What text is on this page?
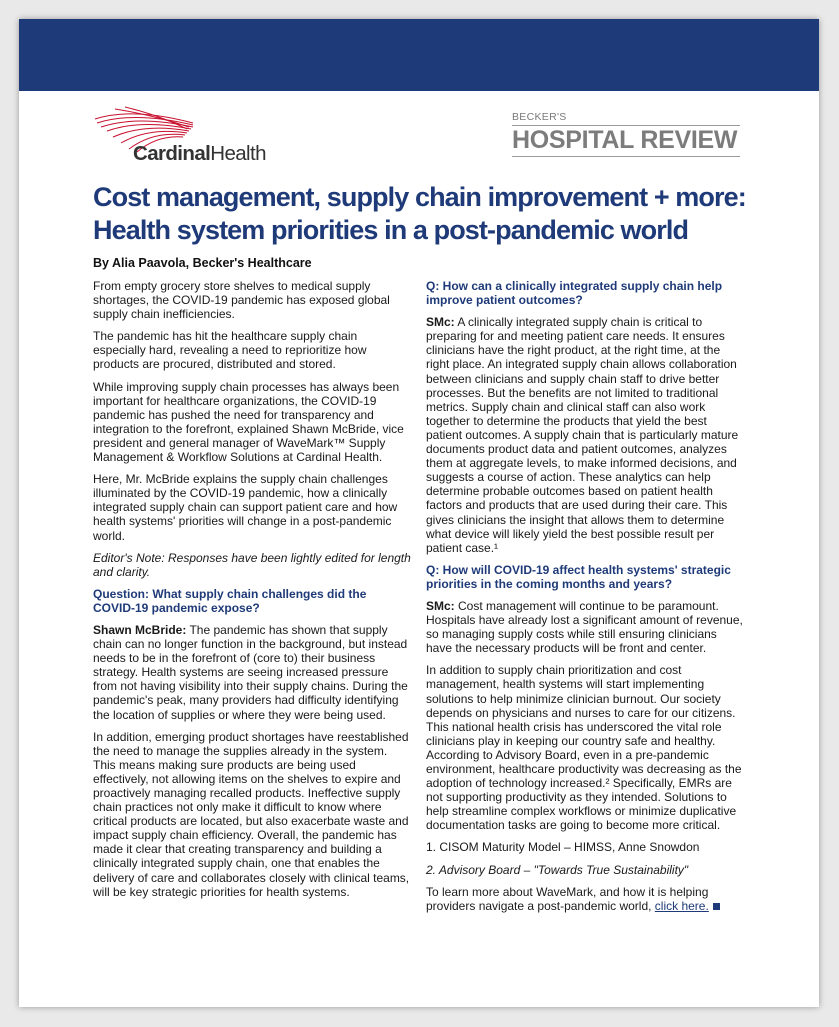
CardinalHealth
BECKER'S
HOSPITAL REVIEW
Cost management, supply chain improvement + more: Health system priorities in a post-pandemic world
By Alia Paavola, Becker's Healthcare

From empty grocery store shelves to medical supply shortages, the COVID-19 pandemic has exposed global supply chain inefficiencies.

The pandemic has hit the healthcare supply chain especially hard, revealing a need to reprioritize how products are procured, distributed and stored.

While improving supply chain processes has always been important for healthcare organizations, the COVID-19 pandemic has pushed the need for transparency and integration to the forefront, explained Shawn McBride, vice president and general manager of WaveMark™ Supply Management & Workflow Solutions at Cardinal Health.

Here, Mr. McBride explains the supply chain challenges illuminated by the COVID-19 pandemic, how a clinically integrated supply chain can support patient care and how health systems' priorities will change in a post-pandemic world.

Editor's Note: Responses have been lightly edited for length and clarity.

Question: What supply chain challenges did the COVID-19 pandemic expose?

Shawn McBride: The pandemic has shown that supply chain can no longer function in the background, but instead needs to be in the forefront of (core to) their business strategy. Health systems are seeing increased pressure from not having visibility into their supply chains. During the pandemic's peak, many providers had difficulty identifying the location of supplies or where they were being used.

In addition, emerging product shortages have reestablished the need to manage the supplies already in the system. This means making sure products are being used effectively, not allowing items on the shelves to expire and proactively managing recalled products. Ineffective supply chain practices not only make it difficult to know where critical products are located, but also exacerbate waste and impact supply chain efficiency. Overall, the pandemic has made it clear that creating transparency and building a clinically integrated supply chain, one that enables the delivery of care and collaborates closely with clinical teams, will be key strategic priorities for health systems.

Q: How can a clinically integrated supply chain help improve patient outcomes?

SMc: A clinically integrated supply chain is critical to preparing for and meeting patient care needs. It ensures clinicians have the right product, at the right time, at the right place. An integrated supply chain allows collaboration between clinicians and supply chain staff to drive better processes. But the benefits are not limited to traditional metrics. Supply chain and clinical staff can also work together to determine the products that yield the best patient outcomes. A supply chain that is particularly mature documents product data and patient outcomes, analyzes them at aggregate levels, to make informed decisions, and suggests a course of action. These analytics can help determine probable outcomes based on patient health factors and products that are used during their care. This gives clinicians the insight that allows them to determine what device will likely yield the best possible result per patient case.¹

Q: How will COVID-19 affect health systems' strategic priorities in the coming months and years?

SMc: Cost management will continue to be paramount. Hospitals have already lost a significant amount of revenue, so managing supply costs while still ensuring clinicians have the necessary products will be front and center.

In addition to supply chain prioritization and cost management, health systems will start implementing solutions to help minimize clinician burnout. Our society depends on physicians and nurses to care for our citizens. This national health crisis has underscored the vital role clinicians play in keeping our country safe and healthy. According to Advisory Board, even in a pre-pandemic environment, healthcare productivity was decreasing as the adoption of technology increased.² Specifically, EMRs are not supporting productivity as they intended. Solutions to help streamline complex workflows or minimize duplicative documentation tasks are going to become more critical.

1. CISOM Maturity Model – HIMSS, Anne Snowdon

2. Advisory Board – "Towards True Sustainability"

To learn more about WaveMark, and how it is helping providers navigate a post-pandemic world, click here.
